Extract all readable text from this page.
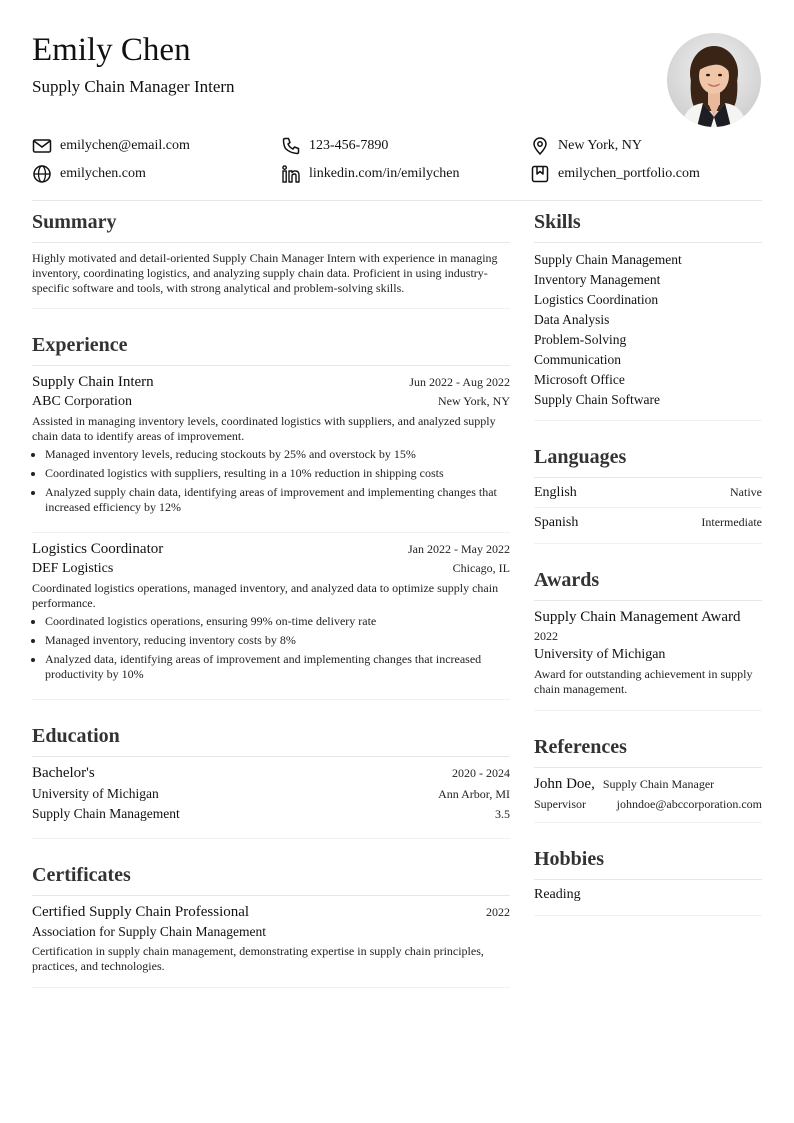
Emily Chen
Supply Chain Manager Intern
emilychen@email.com	123-456-7890	New York, NY
emilychen.com	linkedin.com/in/emilychen	emilychen_portfolio.com
Summary
Highly motivated and detail-oriented Supply Chain Manager Intern with experience in managing inventory, coordinating logistics, and analyzing supply chain data. Proficient in using industry-specific software and tools, with strong analytical and problem-solving skills.
Experience
Supply Chain Intern	Jun 2022 - Aug 2022
ABC Corporation	New York, NY
Assisted in managing inventory levels, coordinated logistics with suppliers, and analyzed supply chain data to identify areas of improvement.
• Managed inventory levels, reducing stockouts by 25% and overstock by 15%
• Coordinated logistics with suppliers, resulting in a 10% reduction in shipping costs
• Analyzed supply chain data, identifying areas of improvement and implementing changes that increased efficiency by 12%
Logistics Coordinator	Jan 2022 - May 2022
DEF Logistics	Chicago, IL
Coordinated logistics operations, managed inventory, and analyzed data to optimize supply chain performance.
• Coordinated logistics operations, ensuring 99% on-time delivery rate
• Managed inventory, reducing inventory costs by 8%
• Analyzed data, identifying areas of improvement and implementing changes that increased productivity by 10%
Education
Bachelor's	2020 - 2024
University of Michigan	Ann Arbor, MI
Supply Chain Management	3.5
Certificates
Certified Supply Chain Professional	2022
Association for Supply Chain Management
Certification in supply chain management, demonstrating expertise in supply chain principles, practices, and technologies.
Skills
Supply Chain Management
Inventory Management
Logistics Coordination
Data Analysis
Problem-Solving
Communication
Microsoft Office
Supply Chain Software
Languages
English	Native
Spanish	Intermediate
Awards
Supply Chain Management Award
2022
University of Michigan
Award for outstanding achievement in supply chain management.
References
John Doe, Supply Chain Manager
Supervisor	johndoe@abccorporation.com
Hobbies
Reading
